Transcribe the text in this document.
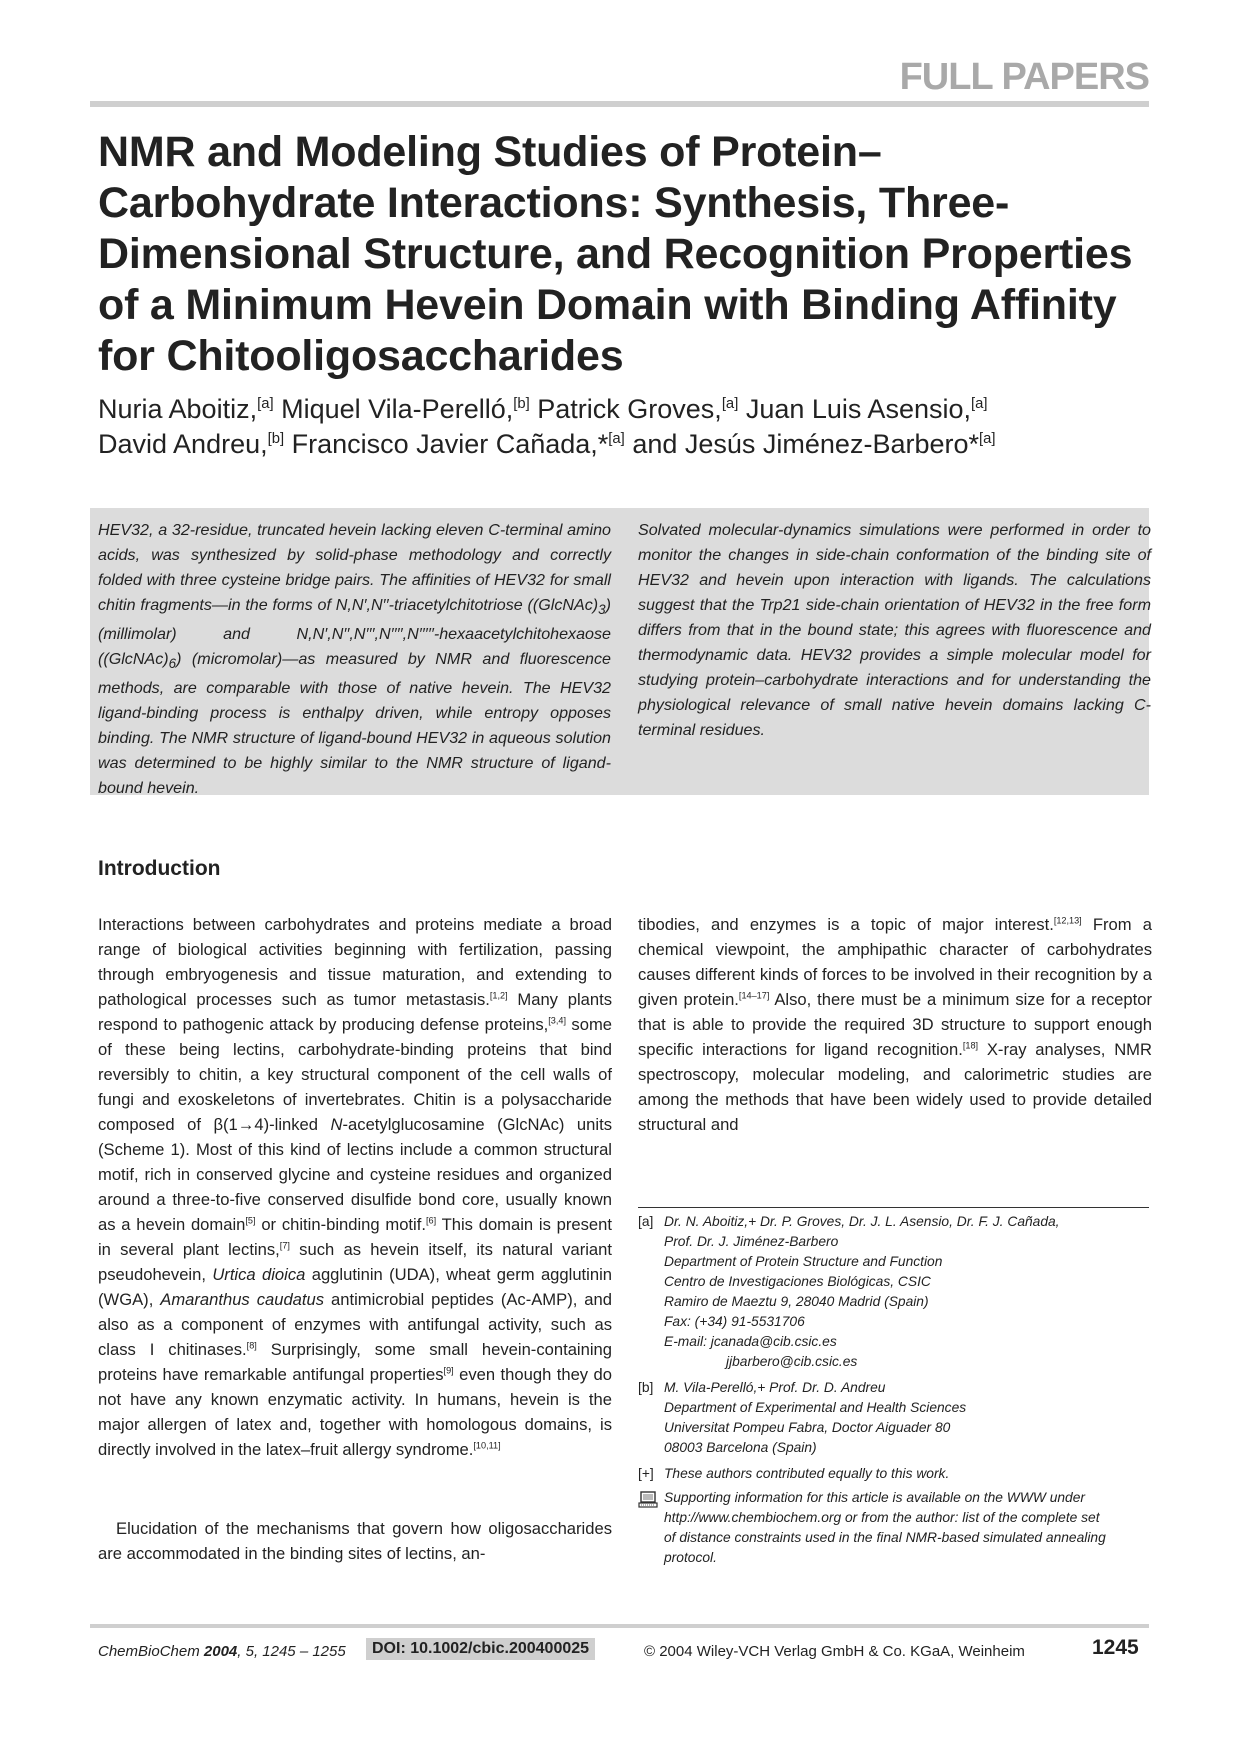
FULL PAPERS
NMR and Modeling Studies of Protein–Carbohydrate Interactions: Synthesis, Three-Dimensional Structure, and Recognition Properties of a Minimum Hevein Domain with Binding Affinity for Chitooligosaccharides

Nuria Aboitiz,[a] Miquel Vila-Perelló,[b] Patrick Groves,[a] Juan Luis Asensio,[a]
David Andreu,[b] Francisco Javier Cañada,*[a] and Jesús Jiménez-Barbero*[a]

HEV32, a 32-residue, truncated hevein lacking eleven C-terminal amino acids, was synthesized by solid-phase methodology and correctly folded with three cysteine bridge pairs. The affinities of HEV32 for small chitin fragments—in the forms of N,N′,N′′-triacetylchitotriose $((GlcNAc)_3)$ (millimolar) and N,N′,N′′,N′′′,N′′′′,N′′′′′-hexaacetylchitohexaose $((GlcNAc)_6)$ (micromolar)—as measured by NMR and fluorescence methods, are comparable with those of native hevein. The HEV32 ligand-binding process is enthalpy driven, while entropy opposes binding. The NMR structure of ligand-bound HEV32 in aqueous solution was determined to be highly similar to the NMR structure of ligand-bound hevein.

Solvated molecular-dynamics simulations were performed in order to monitor the changes in side-chain conformation of the binding site of HEV32 and hevein upon interaction with ligands. The calculations suggest that the Trp21 side-chain orientation of HEV32 in the free form differs from that in the bound state; this agrees with fluorescence and thermodynamic data. HEV32 provides a simple molecular model for studying protein–carbohydrate interactions and for understanding the physiological relevance of small native hevein domains lacking C-terminal residues.

Introduction

Interactions between carbohydrates and proteins mediate a broad range of biological activities beginning with fertilization, passing through embryogenesis and tissue maturation, and extending to pathological processes such as tumor metastasis.[1,2] Many plants respond to pathogenic attack by producing defense proteins,[3,4] some of these being lectins, carbohydrate-binding proteins that bind reversibly to chitin, a key structural component of the cell walls of fungi and exoskeletons of invertebrates. Chitin is a polysaccharide composed of β(1→4)-linked N-acetylglucosamine (GlcNAc) units (Scheme 1). Most of this kind of lectins include a common structural motif, rich in conserved glycine and cysteine residues and organized around a three-to-five conserved disulfide bond core, usually known as a hevein domain[5] or chitin-binding motif.[6] This domain is present in several plant lectins,[7] such as hevein itself, its natural variant pseudohevein, Urtica dioica agglutinin (UDA), wheat germ agglutinin (WGA), Amaranthus caudatus antimicrobial peptides (Ac-AMP), and also as a component of enzymes with antifungal activity, such as class I chitinases.[8] Surprisingly, some small hevein-containing proteins have remarkable antifungal properties[9] even though they do not have any known enzymatic activity. In humans, hevein is the major allergen of latex and, together with homologous domains, is directly involved in the latex–fruit allergy syndrome.[10,11]

Elucidation of the mechanisms that govern how oligosaccharides are accommodated in the binding sites of lectins, an-

tibodies, and enzymes is a topic of major interest.[12,13] From a chemical viewpoint, the amphipathic character of carbohydrates causes different kinds of forces to be involved in their recognition by a given protein.[14–17] Also, there must be a minimum size for a receptor that is able to provide the required 3D structure to support enough specific interactions for ligand recognition.[18] X-ray analyses, NMR spectroscopy, molecular modeling, and calorimetric studies are among the methods that have been widely used to provide detailed structural and

[a] Dr. N. Aboitiz,+ Dr. P. Groves, Dr. J. L. Asensio, Dr. F. J. Cañada,
Prof. Dr. J. Jiménez-Barbero
Department of Protein Structure and Function
Centro de Investigaciones Biológicas, CSIC
Ramiro de Maeztu 9, 28040 Madrid (Spain)
Fax: (+34) 91-5531706
E-mail: jcanada@cib.csic.es
jjbarbero@cib.csic.es
[b] M. Vila-Perelló,+ Prof. Dr. D. Andreu
Department of Experimental and Health Sciences
Universitat Pompeu Fabra, Doctor Aiguader 80
08003 Barcelona (Spain)
[+] These authors contributed equally to this work.
Supporting information for this article is available on the WWW under
http://www.chembiochem.org or from the author: list of the complete set
of distance constraints used in the final NMR-based simulated annealing
protocol.
ChemBioChem 2004, 5, 1245 – 1255	DOI: 10.1002/cbic.200400025	© 2004 Wiley-VCH Verlag GmbH & Co. KGaA, Weinheim	1245
